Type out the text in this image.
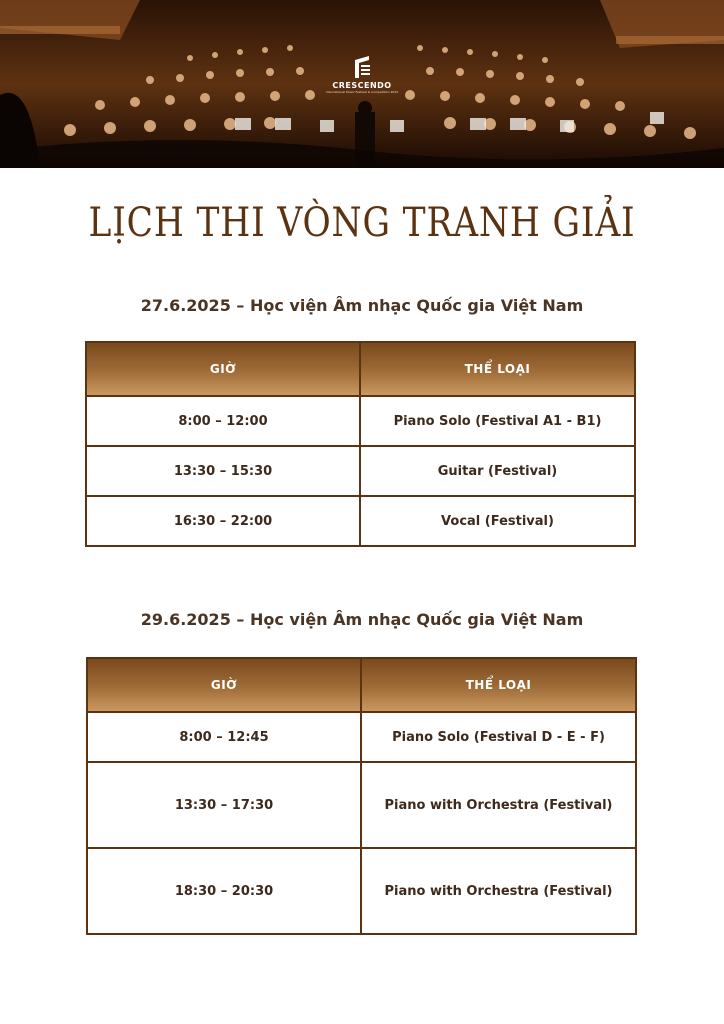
CRESCENDO
International Music Festival & Competition 2025
LỊCH THI VÒNG TRANH GIẢI
27.6.2025 – Học viện Âm nhạc Quốc gia Việt Nam
GIỜ	THỂ LOẠI
8:00 – 12:00	Piano Solo (Festival A1 - B1)
13:30 – 15:30	Guitar (Festival)
16:30 – 22:00	Vocal (Festival)
29.6.2025 – Học viện Âm nhạc Quốc gia Việt Nam
GIỜ	THỂ LOẠI
8:00 – 12:45	Piano Solo (Festival D - E - F)
13:30 – 17:30	Piano with Orchestra (Festival)
18:30 – 20:30	Piano with Orchestra (Festival)
